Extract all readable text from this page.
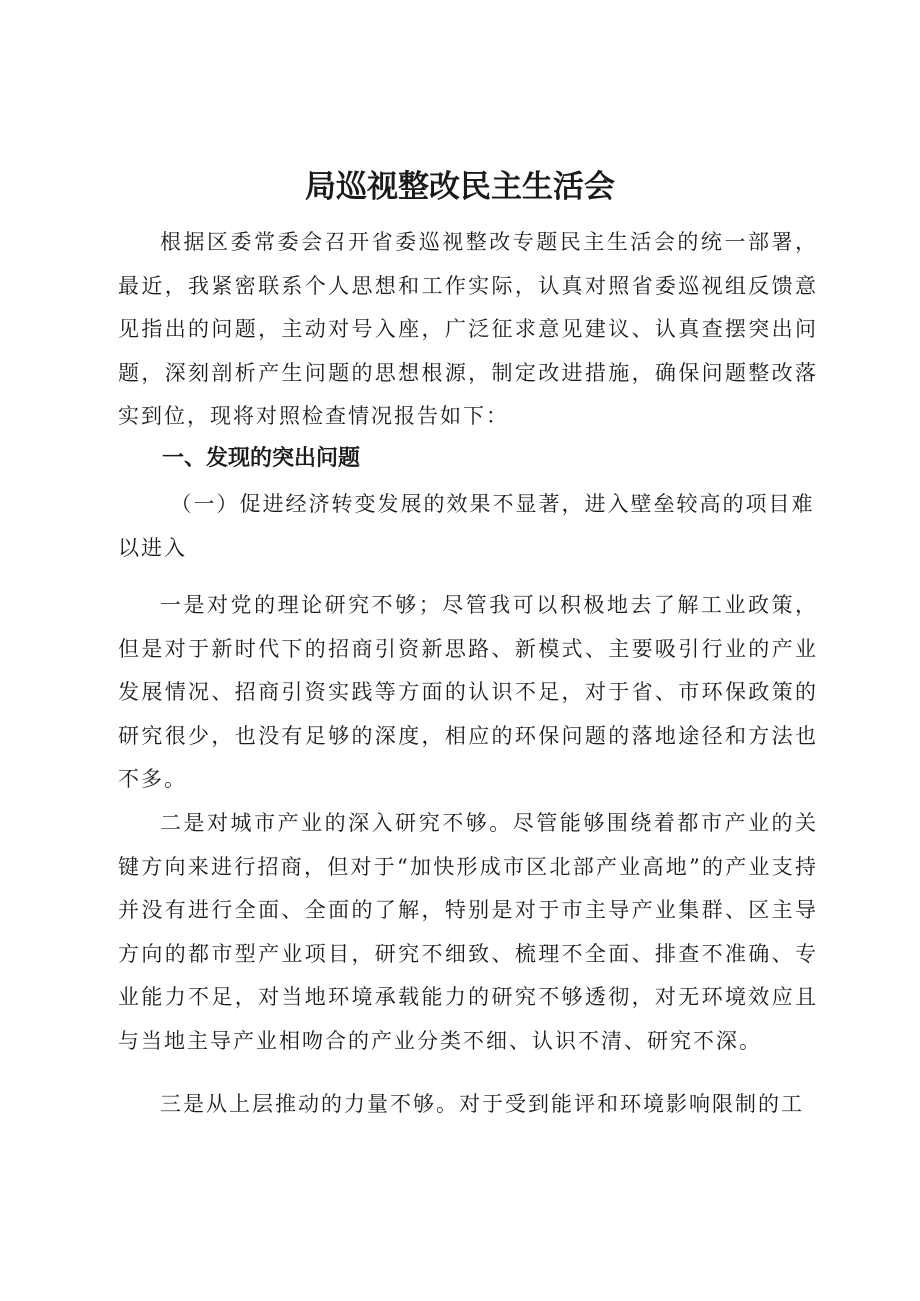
局巡视整改民主生活会

根据区委常委会召开省委巡视整改专题民主生活会的统一部署，最近，我紧密联系个人思想和工作实际，认真对照省委巡视组反馈意见指出的问题，主动对号入座，广泛征求意见建议、认真查摆突出问题，深刻剖析产生问题的思想根源，制定改进措施，确保问题整改落实到位，现将对照检查情况报告如下：

一、发现的突出问题

（一）促进经济转变发展的效果不显著，进入壁垒较高的项目难以进入

一是对党的理论研究不够；尽管我可以积极地去了解工业政策，但是对于新时代下的招商引资新思路、新模式、主要吸引行业的产业发展情况、招商引资实践等方面的认识不足，对于省、市环保政策的研究很少，也没有足够的深度，相应的环保问题的落地途径和方法也不多。

二是对城市产业的深入研究不够。尽管能够围绕着都市产业的关键方向来进行招商，但对于“加快形成市区北部产业高地”的产业支持并没有进行全面、全面的了解，特别是对于市主导产业集群、区主导方向的都市型产业项目，研究不细致、梳理不全面、排查不准确、专业能力不足，对当地环境承载能力的研究不够透彻，对无环境效应且与当地主导产业相吻合的产业分类不细、认识不清、研究不深。

三是从上层推动的力量不够。对于受到能评和环境影响限制的工
